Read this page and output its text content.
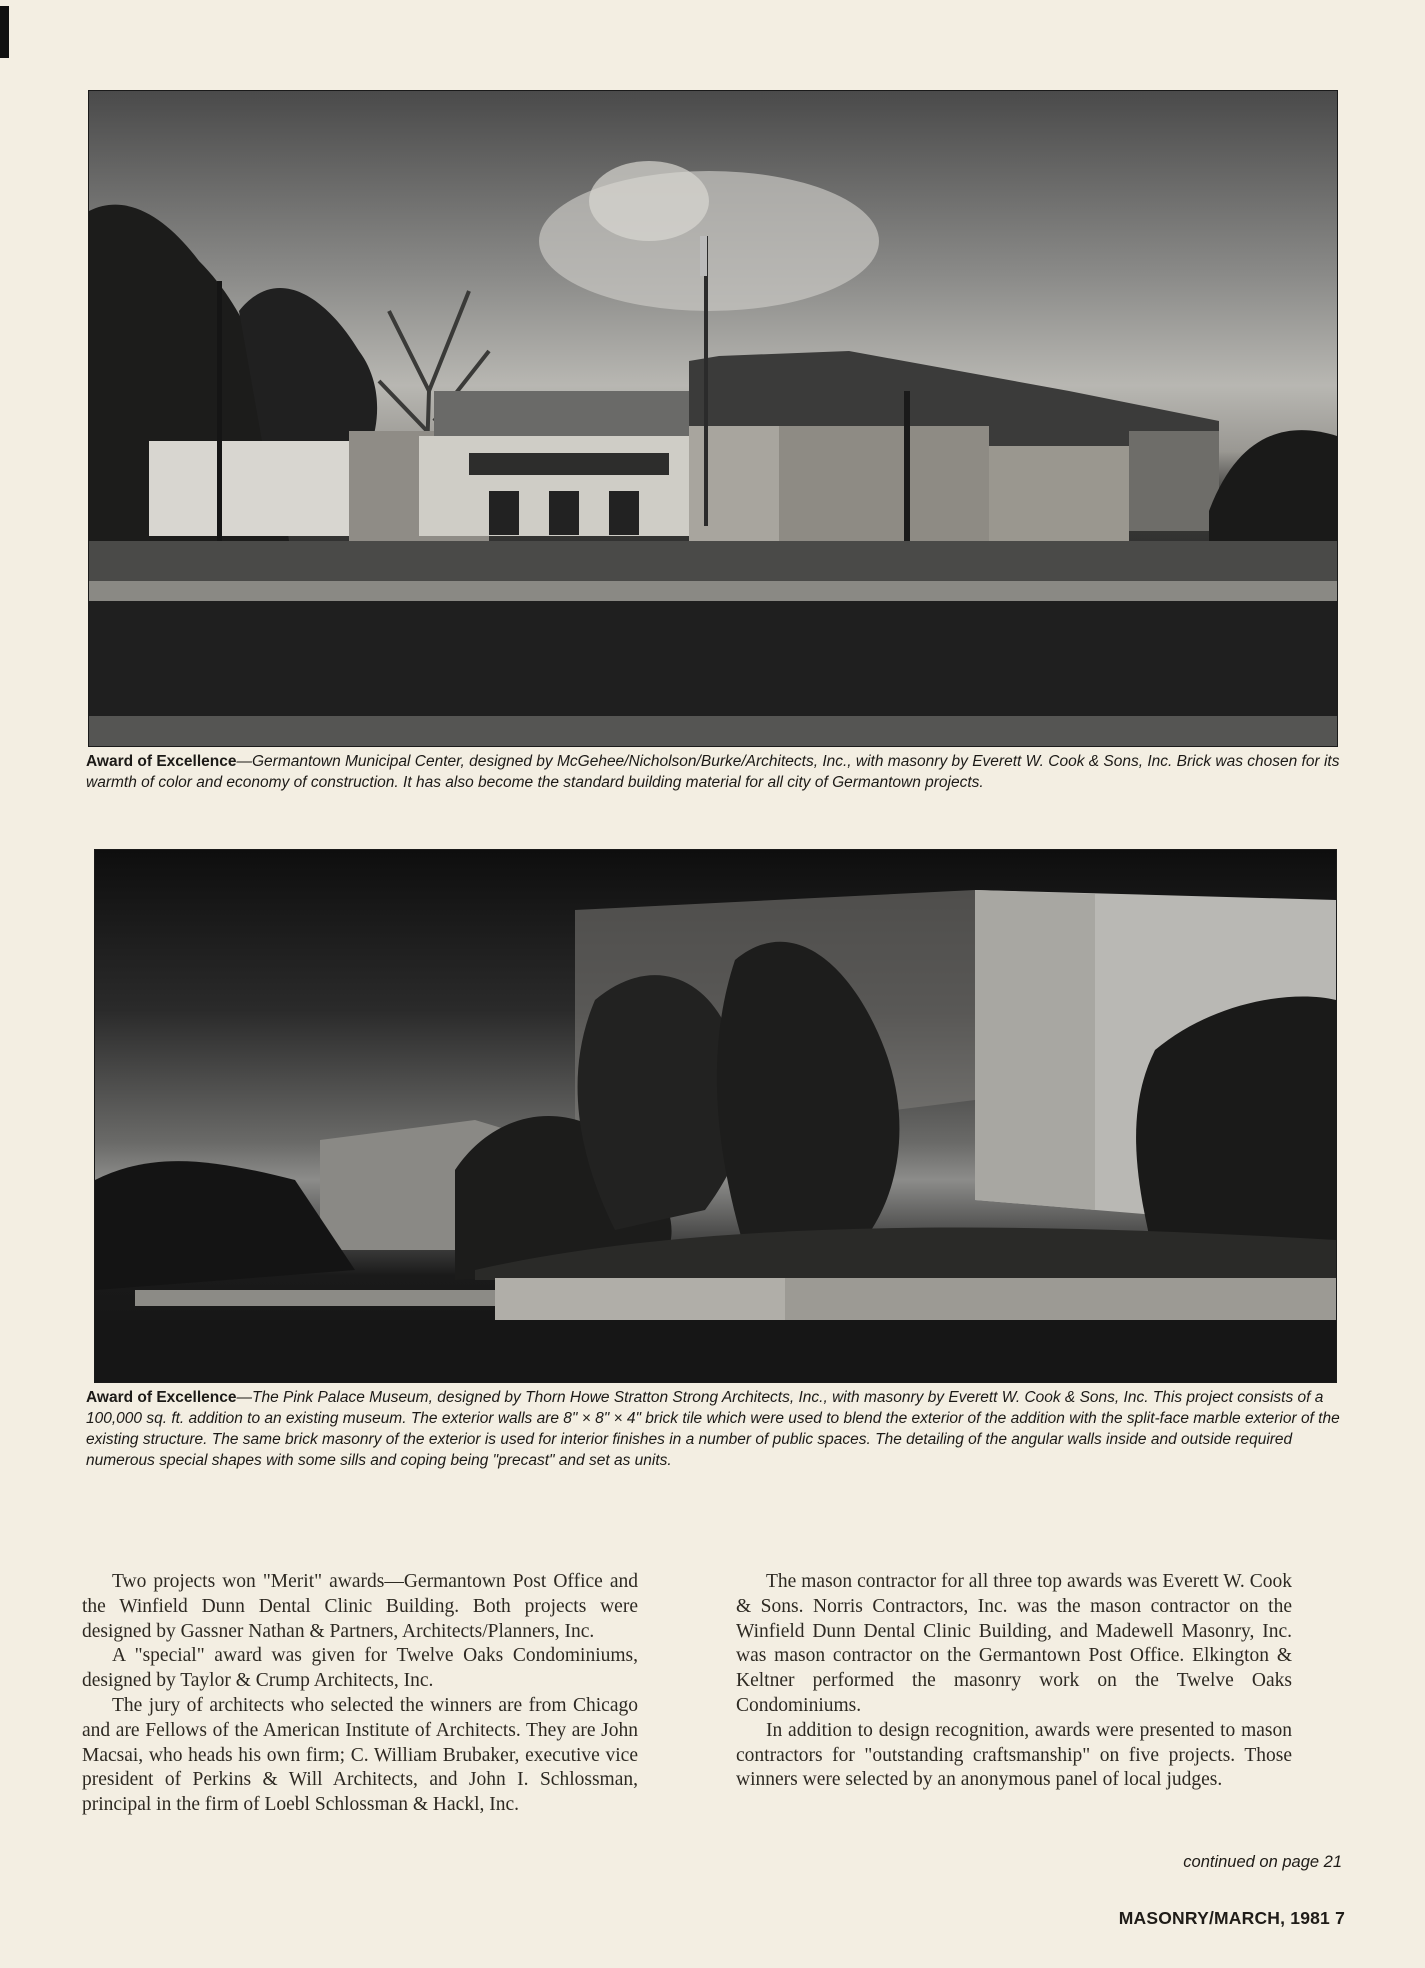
Award of Excellence—Germantown Municipal Center, designed by McGehee/Nicholson/Burke/Architects, Inc., with masonry by Everett W. Cook & Sons, Inc. Brick was chosen for its warmth of color and economy of construction. It has also become the standard building material for all city of Germantown projects.
Award of Excellence—The Pink Palace Museum, designed by Thorn Howe Stratton Strong Architects, Inc., with masonry by Everett W. Cook & Sons, Inc. This project consists of a 100,000 sq. ft. addition to an existing museum. The exterior walls are 8" × 8" × 4" brick tile which were used to blend the exterior of the addition with the split-face marble exterior of the existing structure. The same brick masonry of the exterior is used for interior finishes in a number of public spaces. The detailing of the angular walls inside and outside required numerous special shapes with some sills and coping being "precast" and set as units.

Two projects won "Merit" awards—Germantown Post Office and the Winfield Dunn Dental Clinic Building. Both projects were designed by Gassner Nathan & Partners, Architects/Planners, Inc.

A "special" award was given for Twelve Oaks Condominiums, designed by Taylor & Crump Architects, Inc.

The jury of architects who selected the winners are from Chicago and are Fellows of the American Institute of Architects. They are John Macsai, who heads his own firm; C. William Brubaker, executive vice president of Perkins & Will Architects, and John I. Schlossman, principal in the firm of Loebl Schlossman & Hackl, Inc.

The mason contractor for all three top awards was Everett W. Cook & Sons. Norris Contractors, Inc. was the mason contractor on the Winfield Dunn Dental Clinic Building, and Madewell Masonry, Inc. was mason contractor on the Germantown Post Office. Elkington & Keltner performed the masonry work on the Twelve Oaks Condominiums.

In addition to design recognition, awards were presented to mason contractors for "outstanding craftsmanship" on five projects. Those winners were selected by an anonymous panel of local judges.

continued on page 21
MASONRY/MARCH, 1981 7
